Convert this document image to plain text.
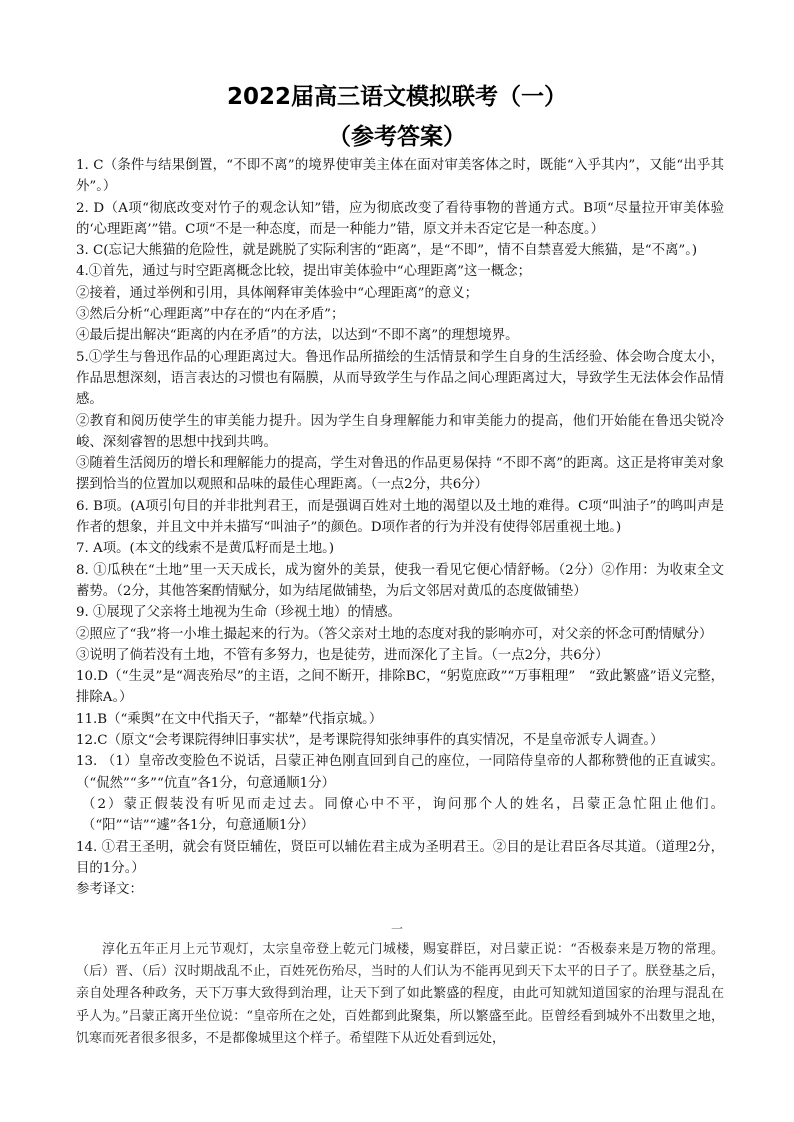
2022届高三语文模拟联考（一）
（参考答案）
1. C（条件与结果倒置，“不即不离”的境界使审美主体在面对审美客体之时，既能“入乎其内”，又能“出乎其外”。）
2. D（A项“彻底改变对竹子的观念认知”错，应为彻底改变了看待事物的普通方式。B项“尽量拉开审美体验的‘心理距离’”错。C项“不是一种态度，而是一种能力”错，原文并未否定它是一种态度。）
3. C(忘记大熊猫的危险性，就是跳脱了实际利害的“距离”，是“不即”，情不自禁喜爱大熊猫，是“不离”。)
4.①首先，通过与时空距离概念比较，提出审美体验中“心理距离”这一概念；
②接着，通过举例和引用，具体阐释审美体验中“心理距离”的意义；
③然后分析“心理距离”中存在的“内在矛盾”；
④最后提出解决“距离的内在矛盾”的方法，以达到“不即不离”的理想境界。
5.①学生与鲁迅作品的心理距离过大。鲁迅作品所描绘的生活情景和学生自身的生活经验、体会吻合度太小，作品思想深刻，语言表达的习惯也有隔膜，从而导致学生与作品之间心理距离过大，导致学生无法体会作品情感。
②教育和阅历使学生的审美能力提升。因为学生自身理解能力和审美能力的提高，他们开始能在鲁迅尖锐冷峻、深刻睿智的思想中找到共鸣。
③随着生活阅历的增长和理解能力的提高，学生对鲁迅的作品更易保持 “不即不离”的距离。这正是将审美对象摆到恰当的位置加以观照和品味的最佳心理距离。（一点2分，共6分）
6. B项。(A项引句目的并非批判君王，而是强调百姓对土地的渴望以及土地的难得。C项“叫油子”的鸣叫声是作者的想象，并且文中并未描写“叫油子”的颜色。D项作者的行为并没有使得邻居重视土地。)
7. A项。(本文的线索不是黄瓜籽而是土地。)
8. ①瓜秧在“土地”里一天天成长，成为窗外的美景，使我一看见它便心情舒畅。（2分）②作用：为收束全文蓄势。（2分，其他答案酌情赋分，如为结尾做铺垫，为后文邻居对黄瓜的态度做铺垫）
9. ①展现了父亲将土地视为生命（珍视土地）的情感。
②照应了“我”将一小堆土撮起来的行为。（答父亲对土地的态度对我的影响亦可，对父亲的怀念可酌情赋分）
③说明了倘若没有土地，不管有多努力，也是徒劳，进而深化了主旨。（一点2分，共6分）
10.D（“生灵”是“凋丧殆尽”的主语，之间不断开，排除BC，“躬览庶政”“万事粗理”　“致此繁盛”语义完整，排除A。）
11.B（“乘舆”在文中代指天子，“都辇”代指京城。）
12.C（原文“会考课院得绅旧事实状”，是考课院得知张绅事件的真实情况，不是皇帝派专人调查。）
13. （1）皇帝改变脸色不说话，吕蒙正神色刚直回到自己的座位，一同陪侍皇帝的人都称赞他的正直诚实。（“侃然”“多”“伉直”各1分，句意通顺1分）
（2）蒙正假装没有听见而走过去。同僚心中不平，询问那个人的姓名，吕蒙正急忙阻止他们。（“阳”“诘”“遽”各1分，句意通顺1分）
14. ①君王圣明，就会有贤臣辅佐，贤臣可以辅佐君主成为圣明君王。②目的是让君臣各尽其道。（道理2分，目的1分。）
参考译文：
一

淳化五年正月上元节观灯，太宗皇帝登上乾元门城楼，赐宴群臣，对吕蒙正说：“否极泰来是万物的常理。（后）晋、（后）汉时期战乱不止，百姓死伤殆尽，当时的人们认为不能再见到天下太平的日子了。朕登基之后，亲自处理各种政务，天下万事大致得到治理，让天下到了如此繁盛的程度，由此可知就知道国家的治理与混乱在乎人为。”吕蒙正离开坐位说：“皇帝所在之处，百姓都到此聚集，所以繁盛至此。臣曾经看到城外不出数里之地，饥寒而死者很多很多，不是都像城里这个样子。希望陛下从近处看到远处，
